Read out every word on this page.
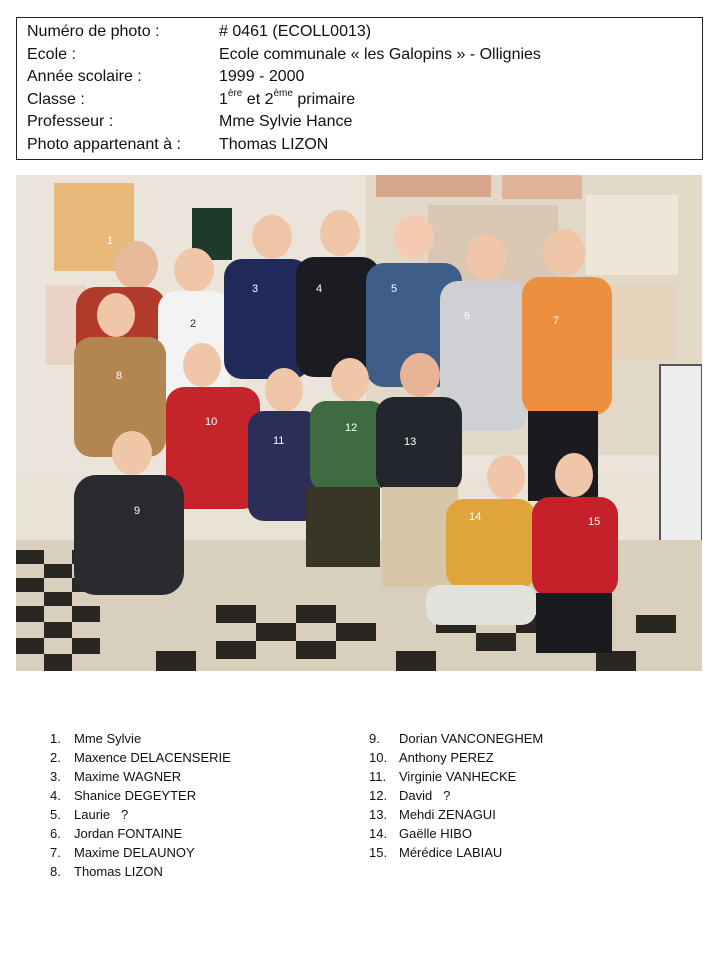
Numéro de photo :	# 0461 (ECOLL0013)
Ecole :	Ecole communale « les Galopins » - Ollignies
Année scolaire :	1999 - 2000
Classe :	1ère et 2ème primaire
Professeur :	Mme Sylvie Hance
Photo appartenant à : Thomas LIZON
1
2
3	4	5
6	7
8
9
10
11
12
13
14	15
1. Mme Sylvie
2. Maxence DELACENSERIE
3. Maxime WAGNER
4. Shanice DEGEYTER
5. Laurie   ?
6. Jordan FONTAINE
7. Maxime DELAUNOY
8. Thomas LIZON
9. Dorian VANCONEGHEM
10. Anthony PEREZ
11. Virginie VANHECKE
12. David   ?
13. Mehdi ZENAGUI
14. Gaëlle HIBO
15. Mérédice LABIAU
